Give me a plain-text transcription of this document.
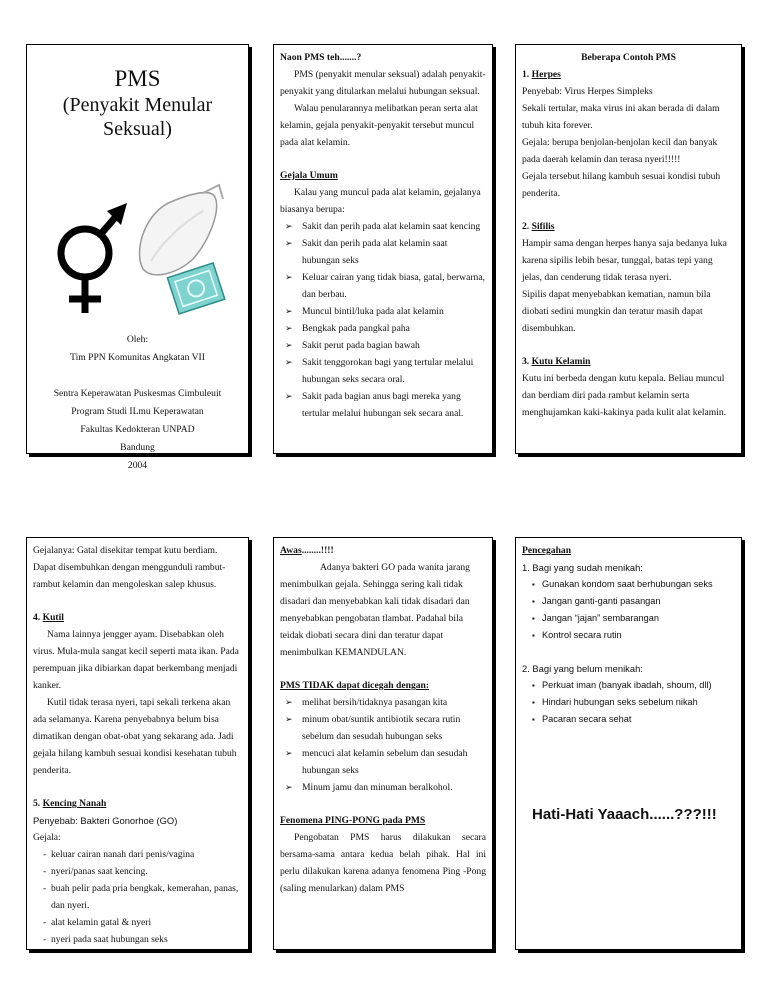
PMS
(Penyakit Menular Seksual)
Oleh:
Tim PPN Komunitas Angkatan VII
Sentra Keperawatan Puskesmas Cimbuleuit
Program Studi ILmu Keperawatan
Fakultas Kedokteran UNPAD
Bandung
2004

Naon PMS teh.......?

PMS (penyakit menular seksual) adalah penyakit-penyakit yang ditularkan melalui hubungan seksual.

Walau penularannya melibatkan peran serta alat kelamin, gejala penyakit-penyakit tersebut muncul pada alat kelamin.

Gejala Umum

Kalau yang muncul pada alat kelamin, gejalanya biasanya berupa:

➢ Sakit dan perih pada alat kelamin saat kencing
➢ Sakit dan perih pada alat kelamin saat hubungan seks
➢ Keluar cairan yang tidak biasa, gatal, berwarna, dan berbau.
➢ Muncul bintil/luka pada alat kelamin
➢ Bengkak pada pangkal paha
➢ Sakit perut pada bagian bawah
➢ Sakit tenggorokan bagi yang tertular melalui hubungan seks secara oral.
➢ Sakit pada bagian anus bagi mereka yang tertular melalui hubungan sek secara anal.

Beberapa Contoh PMS

1. Herpes

Penyebab: Virus Herpes Simpleks

Sekali tertular, maka virus ini akan berada di dalam tubuh kita forever.

Gejala: berupa benjolan-benjolan kecil dan banyak pada daerah kelamin dan terasa nyeri!!!!!

Gejala tersebut hilang kambuh sesuai kondisi tubuh penderita.

2. Sifilis

Hampir sama dengan herpes hanya saja bedanya luka karena sipilis lebih besar, tunggal, batas tepi yang jelas, dan cenderung tidak terasa nyeri.

Sipilis dapat menyebabkan kematian, namun bila diobati sedini mungkin dan teratur masih dapat disembuhkan.

3. Kutu Kelamin

Kutu ini berbeda dengan kutu kepala. Beliau muncul dan berdiam diri pada rambut kelamin serta menghujamkan kaki-kakinya pada kulit alat kelamin.

Gejalanya: Gatal disekitar tempat kutu berdiam. Dapat disembuhkan dengan menggunduli rambut-rambut kelamin dan mengoleskan salep khusus.

4. Kutil

Nama lainnya jengger ayam. Disebabkan oleh virus. Mula-mula sangat kecil seperti mata ikan. Pada perempuan jika dibiarkan dapat berkembang menjadi kanker.

Kutil tidak terasa nyeri, tapi sekali terkena akan ada selamanya. Karena penyebabnya belum bisa dimatikan dengan obat-obat yang sekarang ada. Jadi gejala hilang kambuh sesuai kondisi kesehatan tubuh penderita.

5. Kencing Nanah

Penyebab: Bakteri Gonorhoe (GO)

Gejala:

- keluar cairan nanah dari penis/vagina
- nyeri/panas saat kencing.
- buah pelir pada pria bengkak, kemerahan, panas, dan nyeri.
- alat kelamin gatal & nyeri
- nyeri pada saat hubungan seks

Awas........!!!!

Adanya bakteri GO pada wanita jarang menimbulkan gejala. Sehingga sering kali tidak disadari dan menyebabkan kali tidak disadari dan menyebabkan pengobatan tlambat. Padahal bila teidak diobati secara dini dan teratur dapat menimbulkan KEMANDULAN.

PMS TIDAK dapat dicegah dengan:

➢ melihat bersih/tidaknya pasangan kita
➢ minum obat/suntik antibiotik secara rutin sebelum dan sesudah hubungan seks
➢ mencuci alat kelamin sebelum dan sesudah hubungan seks
➢ Minum jamu dan minuman beralkohol.

Fenomena PING-PONG pada PMS

Pengobatan PMS harus dilakukan secara bersama-sama antara kedua belah pihak. Hal ini perlu dilakukan karena adanya fenomena Ping -Pong (saling menularkan) dalam PMS

Pencegahan

1. Bagi yang sudah menikah:

▪ Gunakan kondom saat berhubungan seks
▪ Jangan ganti-ganti pasangan
▪ Jangan “jajan” sembarangan
▪ Kontrol secara rutin

2. Bagi yang belum menikah:

▪ Perkuat iman (banyak ibadah, shoum, dll)
▪ Hindari hubungan seks sebelum nikah
▪ Pacaran secara sehat
Hati-Hati Yaaach......???!!!
